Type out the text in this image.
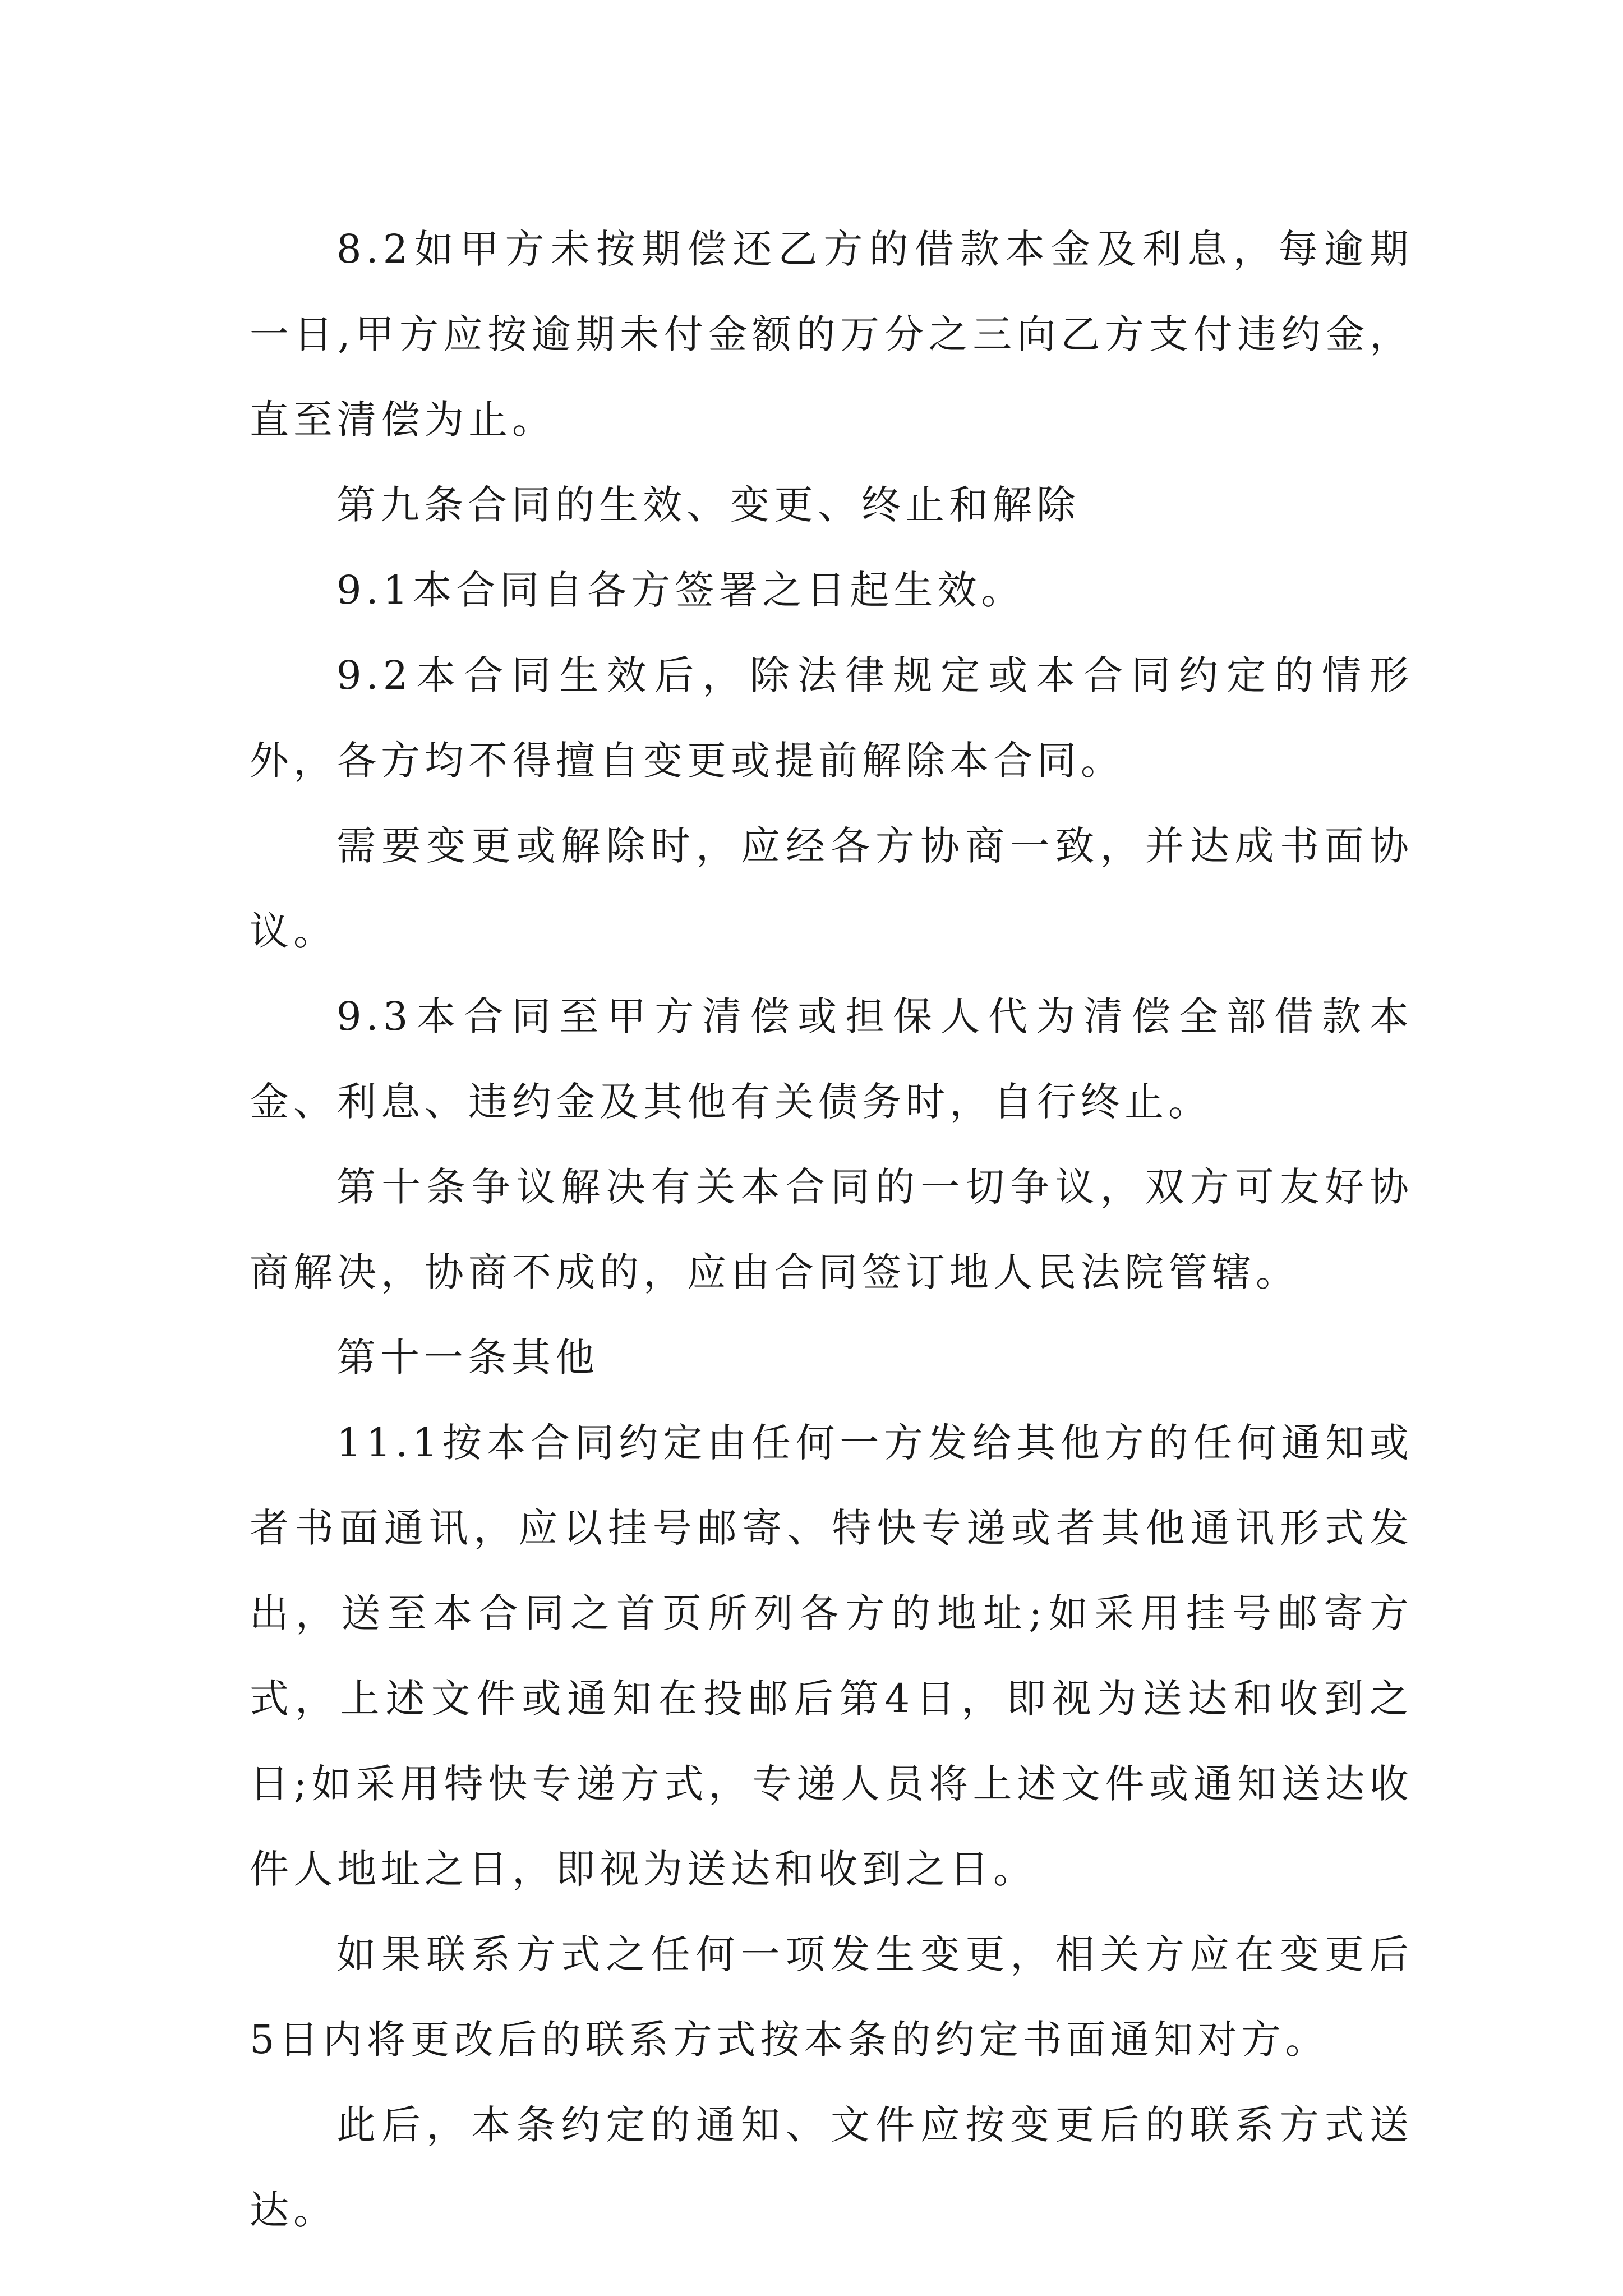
8.2如甲方未按期偿还乙方的借款本金及利息，每逾期一日,甲方应按逾期未付金额的万分之三向乙方支付违约金，直至清偿为止。

第九条合同的生效、变更、终止和解除

9.1本合同自各方签署之日起生效。

9.2本合同生效后，除法律规定或本合同约定的情形外，各方均不得擅自变更或提前解除本合同。

需要变更或解除时，应经各方协商一致，并达成书面协议。

9.3本合同至甲方清偿或担保人代为清偿全部借款本金、利息、违约金及其他有关债务时，自行终止。

第十条争议解决有关本合同的一切争议，双方可友好协商解决，协商不成的，应由合同签订地人民法院管辖。

第十一条其他

11.1按本合同约定由任何一方发给其他方的任何通知或者书面通讯，应以挂号邮寄、特快专递或者其他通讯形式发出，送至本合同之首页所列各方的地址;如采用挂号邮寄方式，上述文件或通知在投邮后第4日，即视为送达和收到之日;如采用特快专递方式，专递人员将上述文件或通知送达收件人地址之日，即视为送达和收到之日。

如果联系方式之任何一项发生变更，相关方应在变更后5日内将更改后的联系方式按本条的约定书面通知对方。

此后，本条约定的通知、文件应按变更后的联系方式送达。
